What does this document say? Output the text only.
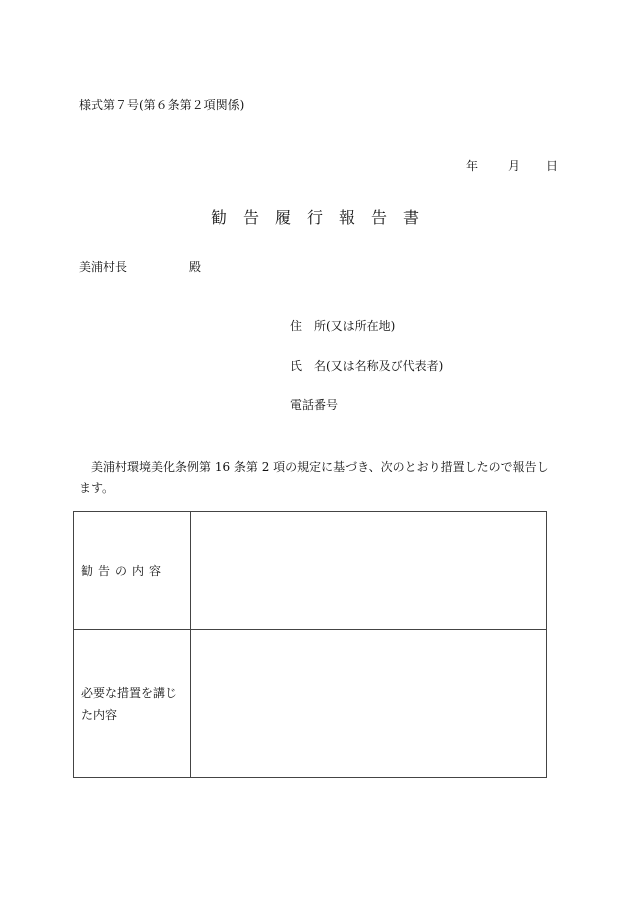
様式第７号(第６条第２項関係)
年	月 日
勧告履行報告書
美浦村長	殿
住　所(又は所在地)
氏　名(又は名称及び代表者)
電話番号
美浦村環境美化条例第 16 条第 2 項の規定に基づき、次のとおり措置したので報告します。
勧告の内容	
必要な措置を講じた内容	
